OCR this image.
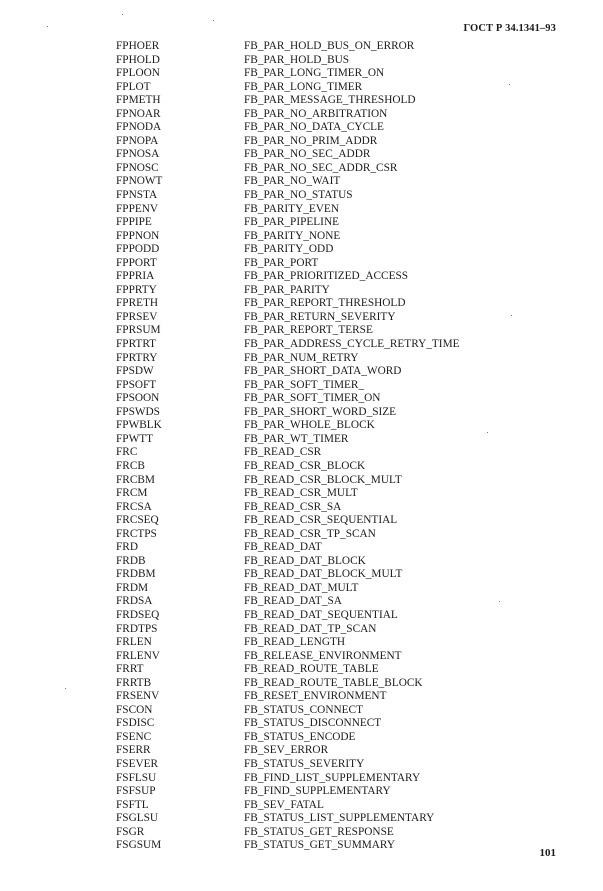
ГОСТ Р 34.1341–93
FPHOER	FB_PAR_HOLD_BUS_ON_ERROR
FPHOLD	FB_PAR_HOLD_BUS
FPLOON	FB_PAR_LONG_TIMER_ON
FPLOT	FB_PAR_LONG_TIMER
FPMETH	FB_PAR_MESSAGE_THRESHOLD
FPNOAR	FB_PAR_NO_ARBITRATION
FPNODA	FB_PAR_NO_DATA_CYCLE
FPNOPA	FB_PAR_NO_PRIM_ADDR
FPNOSA	FB_PAR_NO_SEC_ADDR
FPNOSC	FB_PAR_NO_SEC_ADDR_CSR
FPNOWT	FB_PAR_NO_WAIT
FPNSTA	FB_PAR_NO_STATUS
FPPENV	FB_PARITY_EVEN
FPPIPE	FB_PAR_PIPELINE
FPPNON	FB_PARITY_NONE
FPPODD	FB_PARITY_ODD
FPPORT	FB_PAR_PORT
FPPRIA	FB_PAR_PRIORITIZED_ACCESS
FPPRTY	FB_PAR_PARITY
FPRETH	FB_PAR_REPORT_THRESHOLD
FPRSEV	FB_PAR_RETURN_SEVERITY
FPRSUM	FB_PAR_REPORT_TERSE
FPRTRT	FB_PAR_ADDRESS_CYCLE_RETRY_TIME
FPRTRY	FB_PAR_NUM_RETRY
FPSDW	FB_PAR_SHORT_DATA_WORD
FPSOFT	FB_PAR_SOFT_TIMER_
FPSOON	FB_PAR_SOFT_TIMER_ON
FPSWDS	FB_PAR_SHORT_WORD_SIZE
FPWBLK	FB_PAR_WHOLE_BLOCK
FPWTT	FB_PAR_WT_TIMER
FRC	FB_READ_CSR
FRCB	FB_READ_CSR_BLOCK
FRCBM	FB_READ_CSR_BLOCK_MULT
FRCM	FB_READ_CSR_MULT
FRCSA	FB_READ_CSR_SA
FRCSEQ	FB_READ_CSR_SEQUENTIAL
FRCTPS	FB_READ_CSR_TP_SCAN
FRD	FB_READ_DAT
FRDB	FB_READ_DAT_BLOCK
FRDBM	FB_READ_DAT_BLOCK_MULT
FRDM	FB_READ_DAT_MULT
FRDSA	FB_READ_DAT_SA
FRDSEQ	FB_READ_DAT_SEQUENTIAL
FRDTPS	FB_READ_DAT_TP_SCAN
FRLEN	FB_READ_LENGTH
FRLENV	FB_RELEASE_ENVIRONMENT
FRRT	FB_READ_ROUTE_TABLE
FRRTB	FB_READ_ROUTE_TABLE_BLOCK
FRSENV	FB_RESET_ENVIRONMENT
FSCON	FB_STATUS_CONNECT
FSDISC	FB_STATUS_DISCONNECT
FSENC	FB_STATUS_ENCODE
FSERR	FB_SEV_ERROR
FSEVER	FB_STATUS_SEVERITY
FSFLSU	FB_FIND_LIST_SUPPLEMENTARY
FSFSUP	FB_FIND_SUPPLEMENTARY
FSFTL	FB_SEV_FATAL
FSGLSU	FB_STATUS_LIST_SUPPLEMENTARY
FSGR	FB_STATUS_GET_RESPONSE
FSGSUM	FB_STATUS_GET_SUMMARY
101
